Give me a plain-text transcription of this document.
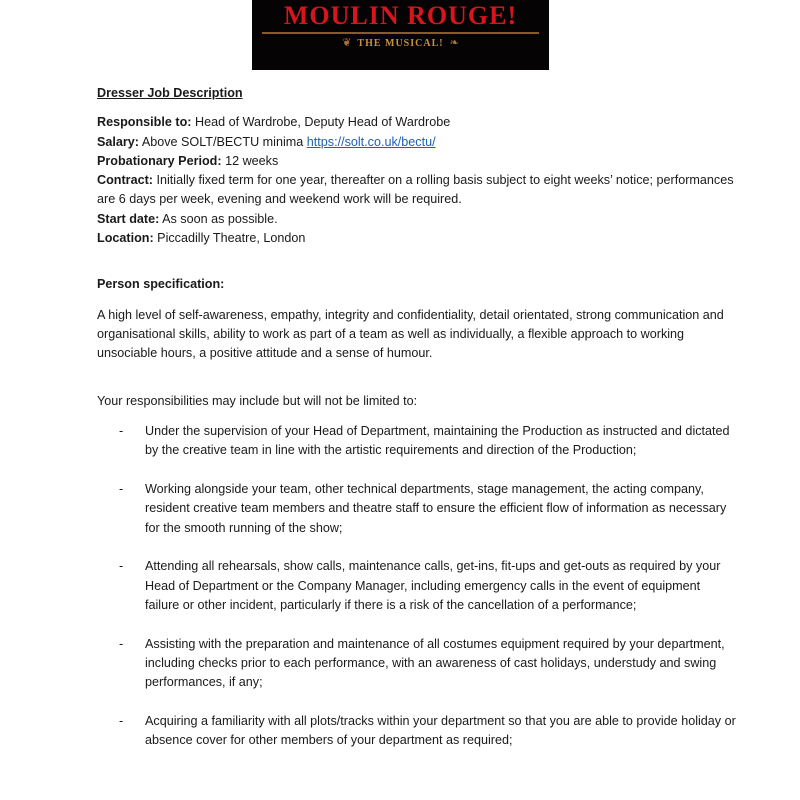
MOULIN ROUGE!
❦ THE MUSICAL! ❧

Dresser Job Description

Responsible to: Head of Wardrobe, Deputy Head of Wardrobe

Salary: Above SOLT/BECTU minima https://solt.co.uk/bectu/

Probationary Period: 12 weeks

Contract: Initially fixed term for one year, thereafter on a rolling basis subject to eight weeks’ notice; performances are 6 days per week, evening and weekend work will be required.

Start date: As soon as possible.

Location: Piccadilly Theatre, London

Person specification:

A high level of self-awareness, empathy, integrity and confidentiality, detail orientated, strong communication and organisational skills, ability to work as part of a team as well as individually, a flexible approach to working unsociable hours, a positive attitude and a sense of humour.

Your responsibilities may include but will not be limited to:

- Under the supervision of your Head of Department, maintaining the Production as instructed and dictated by the creative team in line with the artistic requirements and direction of the Production;
- Working alongside your team, other technical departments, stage management, the acting company, resident creative team members and theatre staff to ensure the efficient flow of information as necessary for the smooth running of the show;
- Attending all rehearsals, show calls, maintenance calls, get-ins, fit-ups and get-outs as required by your Head of Department or the Company Manager, including emergency calls in the event of equipment failure or other incident, particularly if there is a risk of the cancellation of a performance;
- Assisting with the preparation and maintenance of all costumes equipment required by your department, including checks prior to each performance, with an awareness of cast holidays, understudy and swing performances, if any;
- Acquiring a familiarity with all plots/tracks within your department so that you are able to provide holiday or absence cover for other members of your department as required;
